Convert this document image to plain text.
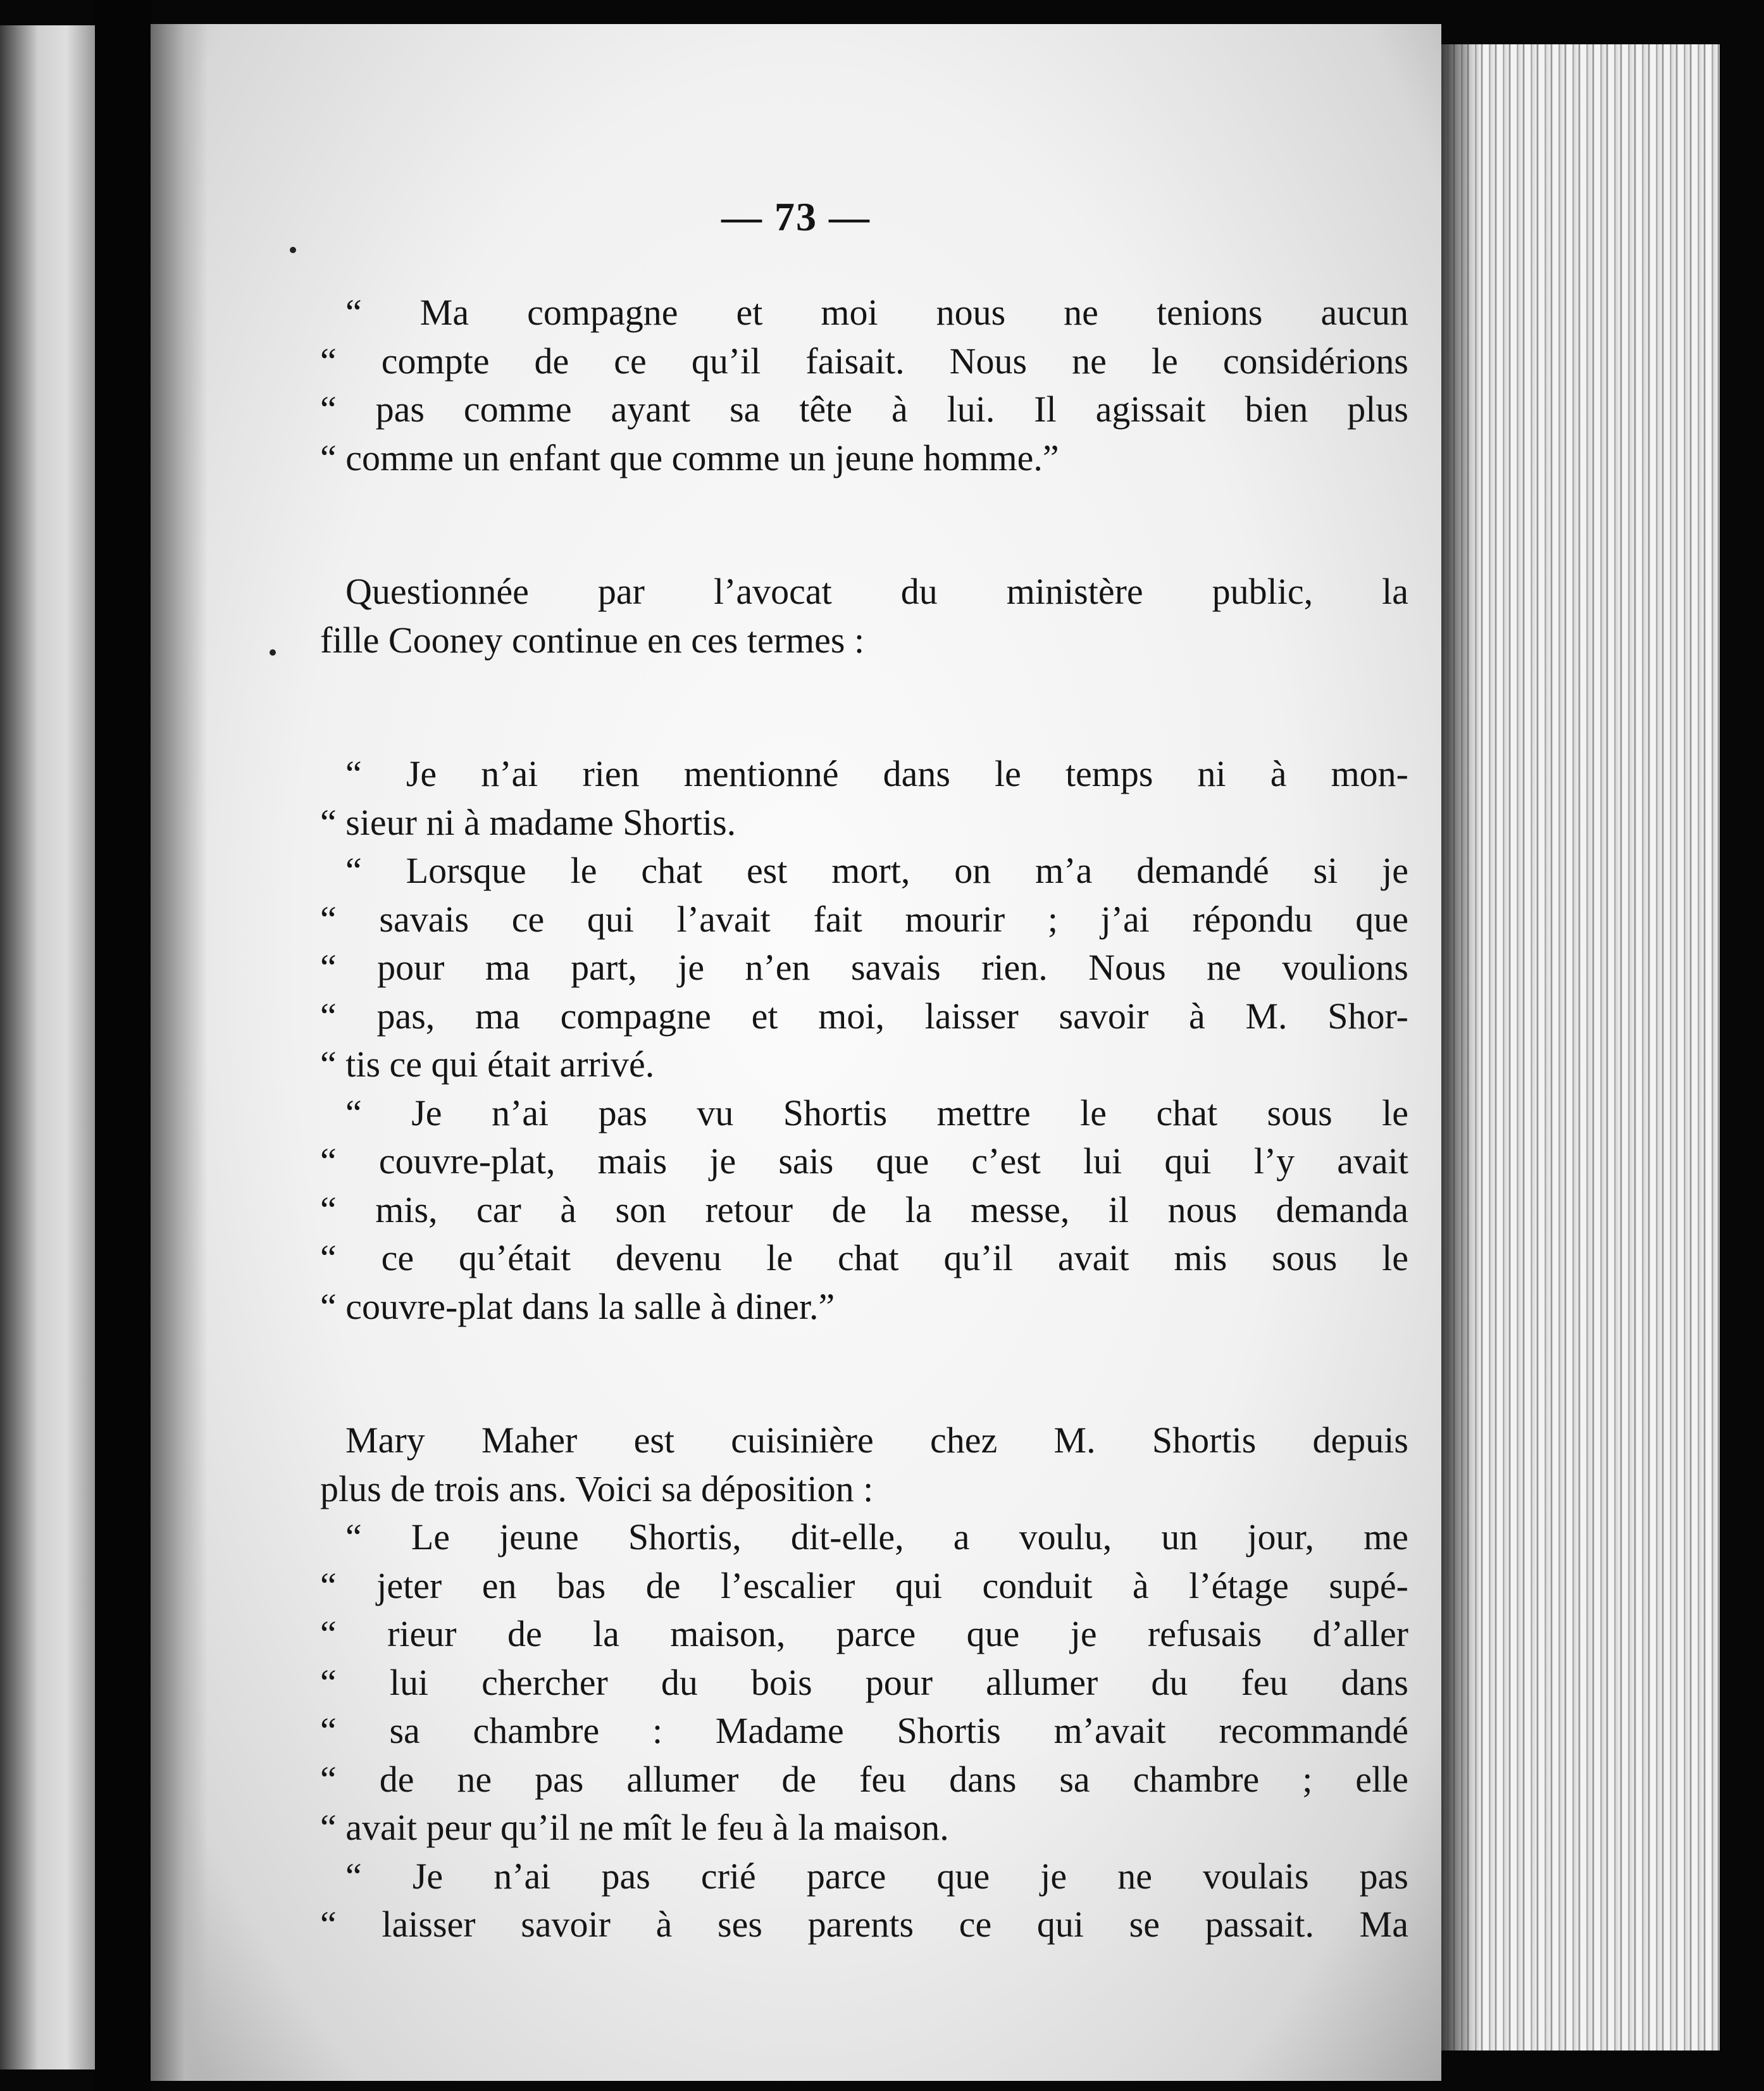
— 73 —
“ Ma compagne et moi nous ne tenions aucun
“ compte de ce qu’il faisait. Nous ne le considérions
“ pas comme ayant sa tête à lui. Il agissait bien plus
“ comme un enfant que comme un jeune homme.”
Questionnée par l’avocat du ministère public, la
fille Cooney continue en ces termes :
“ Je n’ai rien mentionné dans le temps ni à mon-
“ sieur ni à madame Shortis.
“ Lorsque le chat est mort, on m’a demandé si je
“ savais ce qui l’avait fait mourir ; j’ai répondu que
“ pour ma part, je n’en savais rien. Nous ne voulions
“ pas, ma compagne et moi, laisser savoir à M. Shor-
“ tis ce qui était arrivé.
“ Je n’ai pas vu Shortis mettre le chat sous le
“ couvre-plat, mais je sais que c’est lui qui l’y avait
“ mis, car à son retour de la messe, il nous demanda
“ ce qu’était devenu le chat qu’il avait mis sous le
“ couvre-plat dans la salle à diner.”
Mary Maher est cuisinière chez M. Shortis depuis
plus de trois ans. Voici sa déposition :
“ Le jeune Shortis, dit-elle, a voulu, un jour, me
“ jeter en bas de l’escalier qui conduit à l’étage supé-
“ rieur de la maison, parce que je refusais d’aller
“ lui chercher du bois pour allumer du feu dans
“ sa chambre : Madame Shortis m’avait recommandé
“ de ne pas allumer de feu dans sa chambre ; elle
“ avait peur qu’il ne mît le feu à la maison.
“ Je n’ai pas crié parce que je ne voulais pas
“ laisser savoir à ses parents ce qui se passait. Ma
